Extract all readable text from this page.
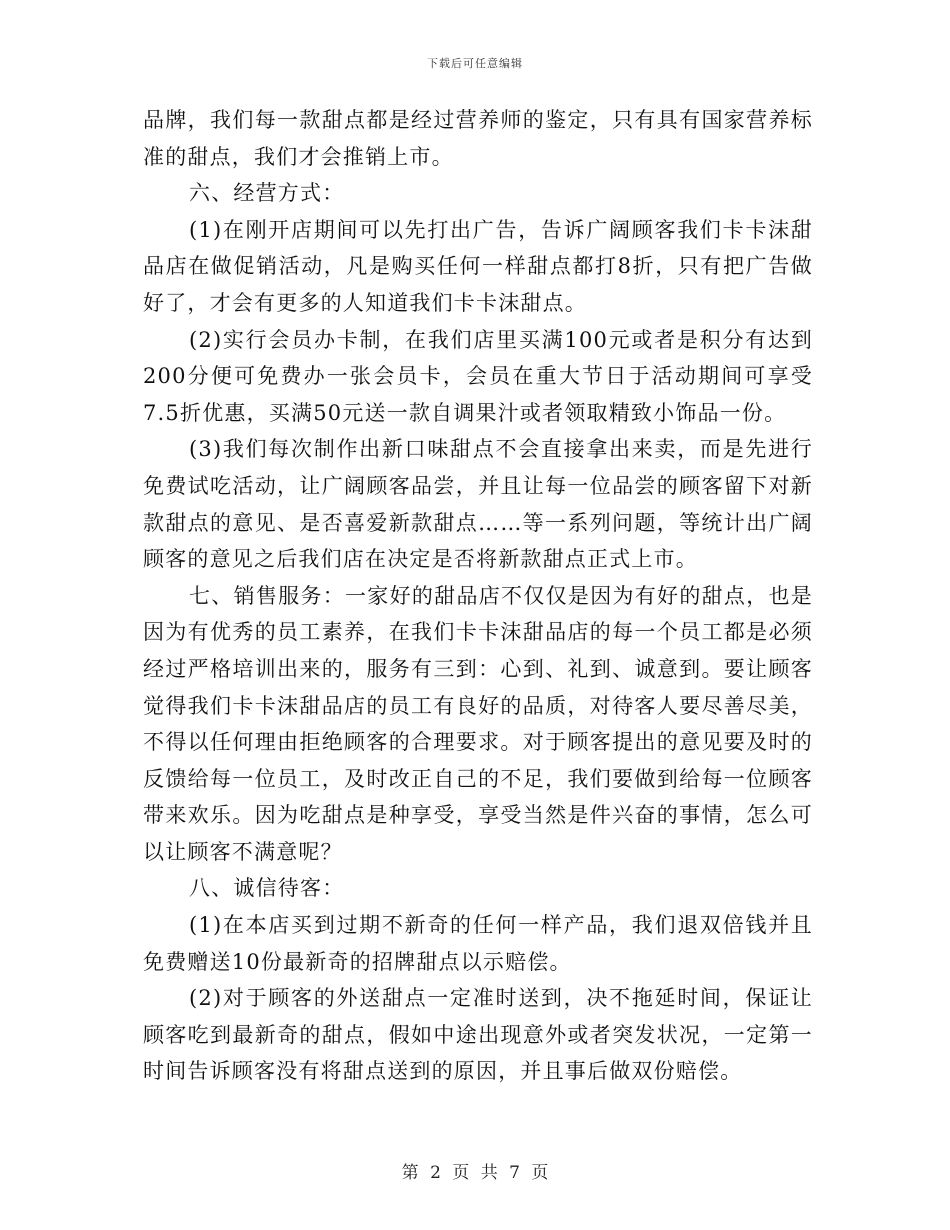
下载后可任意编辑

品牌，我们每一款甜点都是经过营养师的鉴定，只有具有国家营养标准的甜点，我们才会推销上市。

六、经营方式：

(1)在刚开店期间可以先打出广告，告诉广阔顾客我们卡卡沫甜品店在做促销活动，凡是购买任何一样甜点都打8折，只有把广告做好了，才会有更多的人知道我们卡卡沫甜点。

(2)实行会员办卡制，在我们店里买满100元或者是积分有达到200分便可免费办一张会员卡，会员在重大节日于活动期间可享受7.5折优惠，买满50元送一款自调果汁或者领取精致小饰品一份。

(3)我们每次制作出新口味甜点不会直接拿出来卖，而是先进行免费试吃活动，让广阔顾客品尝，并且让每一位品尝的顾客留下对新款甜点的意见、是否喜爱新款甜点……等一系列问题，等统计出广阔顾客的意见之后我们店在决定是否将新款甜点正式上市。

七、销售服务：一家好的甜品店不仅仅是因为有好的甜点，也是因为有优秀的员工素养，在我们卡卡沫甜品店的每一个员工都是必须经过严格培训出来的，服务有三到：心到、礼到、诚意到。要让顾客觉得我们卡卡沫甜品店的员工有良好的品质，对待客人要尽善尽美，不得以任何理由拒绝顾客的合理要求。对于顾客提出的意见要及时的反馈给每一位员工，及时改正自己的不足，我们要做到给每一位顾客带来欢乐。因为吃甜点是种享受，享受当然是件兴奋的事情，怎么可以让顾客不满意呢？

八、诚信待客：

(1)在本店买到过期不新奇的任何一样产品，我们退双倍钱并且免费赠送10份最新奇的招牌甜点以示赔偿。

(2)对于顾客的外送甜点一定准时送到，决不拖延时间，保证让顾客吃到最新奇的甜点，假如中途出现意外或者突发状况，一定第一时间告诉顾客没有将甜点送到的原因，并且事后做双份赔偿。

第 2 页 共 7 页
